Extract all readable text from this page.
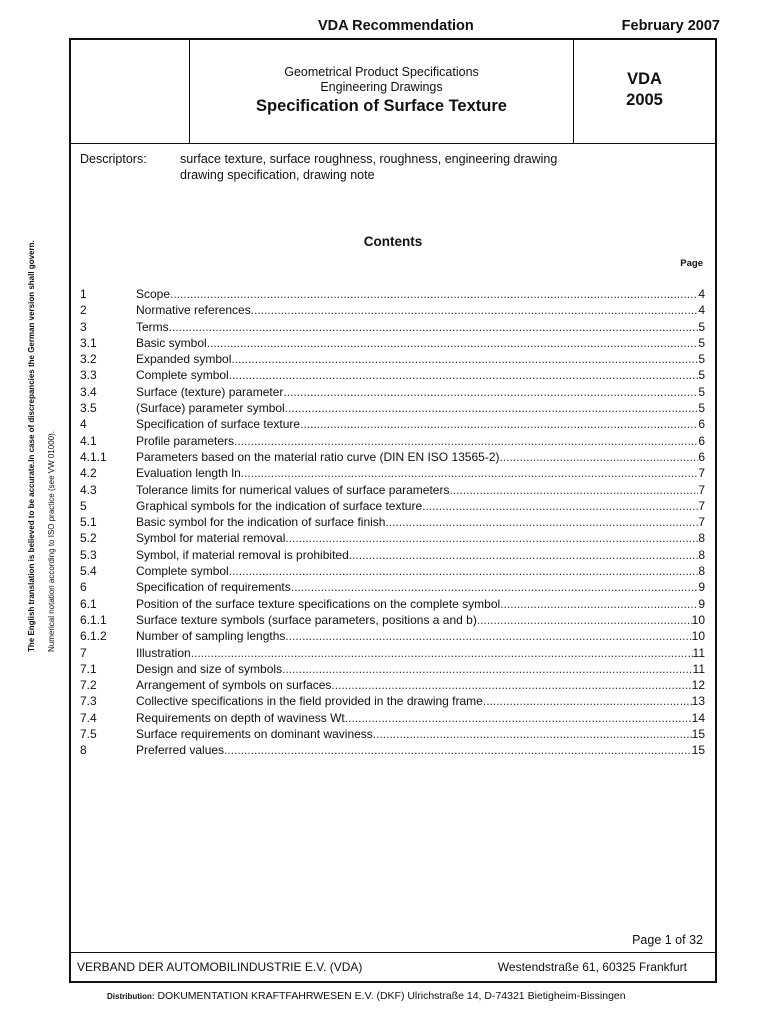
VDA Recommendation	February 2007
The English translation is believed to be accurate.In case of discrepancies the German version shall govern.	Numerical notation according to ISO practice (see VW 01000).
Geometrical Product Specifications
Engineering Drawings
Specification of Surface Texture
VDA
2005
Descriptors:	surface texture, surface roughness, roughness, engineering drawing
drawing specification, drawing note
Contents
Page
1	Scope .....	4
2	Normative references .....	4
3	Terms .....	5
3.1	Basic symbol .....	5
3.2	Expanded symbol .....	5
3.3	Complete symbol .....	5
3.4	Surface (texture) parameter .....	5
3.5	(Surface) parameter symbol .....	5
4	Specification of surface texture .....	6
4.1	Profile parameters .....	6
4.1.1	Parameters based on the material ratio curve (DIN EN ISO 13565-2) .....	6
4.2	Evaluation length ln .....	7
4.3	Tolerance limits for numerical values of surface parameters .....	7
5	Graphical symbols for the indication of surface texture .....	7
5.1	Basic symbol for the indication of surface finish .....	7
5.2	Symbol for material removal .....	8
5.3	Symbol, if material removal is prohibited .....	8
5.4	Complete symbol .....	8
6	Specification of requirements .....	9
6.1	Position of the surface texture specifications on the complete symbol .....	9
6.1.1	Surface texture symbols (surface parameters, positions a and b) .....	10
6.1.2	Number of sampling lengths .....	10
7	Illustration .....	11
7.1	Design and size of symbols .....	11
7.2	Arrangement of symbols on surfaces .....	12
7.3	Collective specifications in the field provided in the drawing frame .....	13
7.4	Requirements on depth of waviness Wt .....	14
7.5	Surface requirements on dominant waviness .....	15
8	Preferred values .....	15
Page 1 of 32
VERBAND DER AUTOMOBILINDUSTRIE E.V. (VDA)	Westendstraße 61, 60325 Frankfurt
Distribution: DOKUMENTATION KRAFTFAHRWESEN E.V. (DKF) Ulrichstraße 14, D-74321 Bietigheim-Bissingen
